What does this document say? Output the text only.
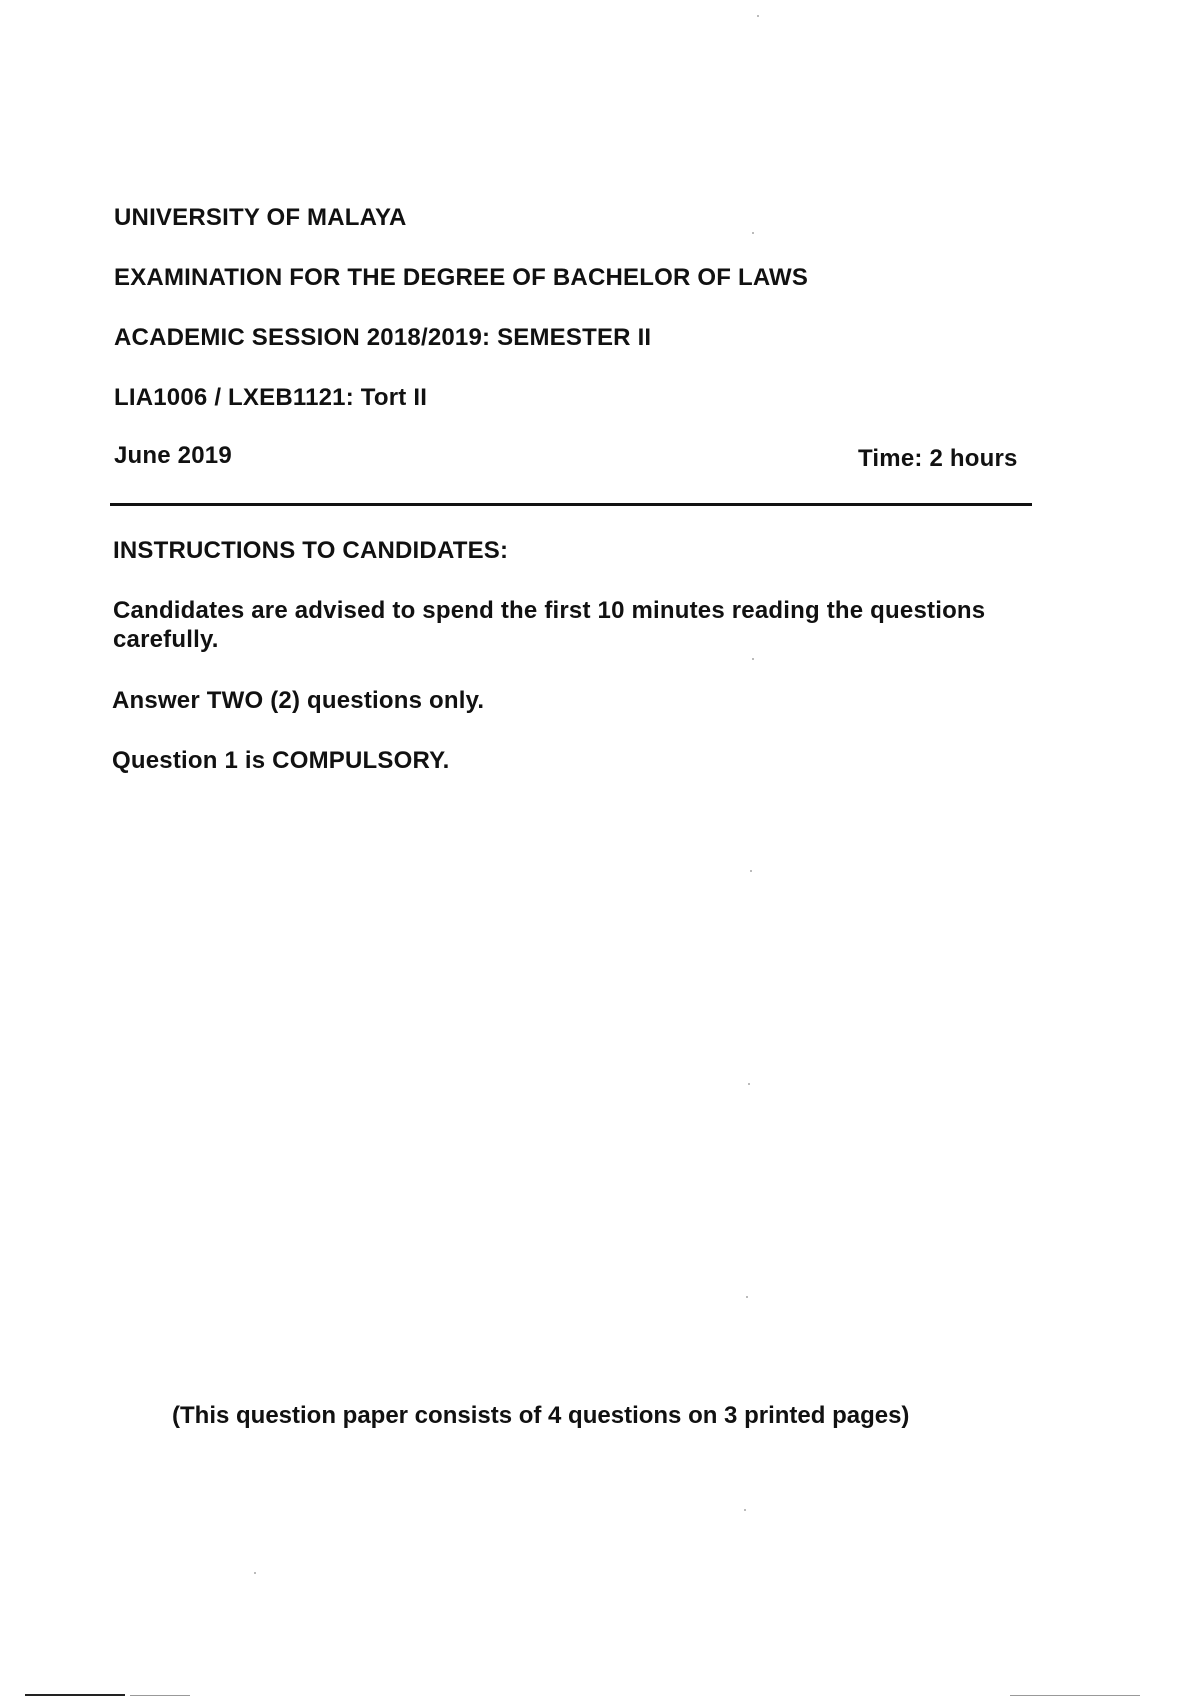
UNIVERSITY OF MALAYA
EXAMINATION FOR THE DEGREE OF BACHELOR OF LAWS
ACADEMIC SESSION 2018/2019: SEMESTER II
LIA1006 / LXEB1121: Tort II
June 2019	Time: 2 hours
INSTRUCTIONS TO CANDIDATES:
Candidates are advised to spend the first 10 minutes reading the questions carefully.
Answer TWO (2) questions only.
Question 1 is COMPULSORY.
(This question paper consists of 4 questions on 3 printed pages)
